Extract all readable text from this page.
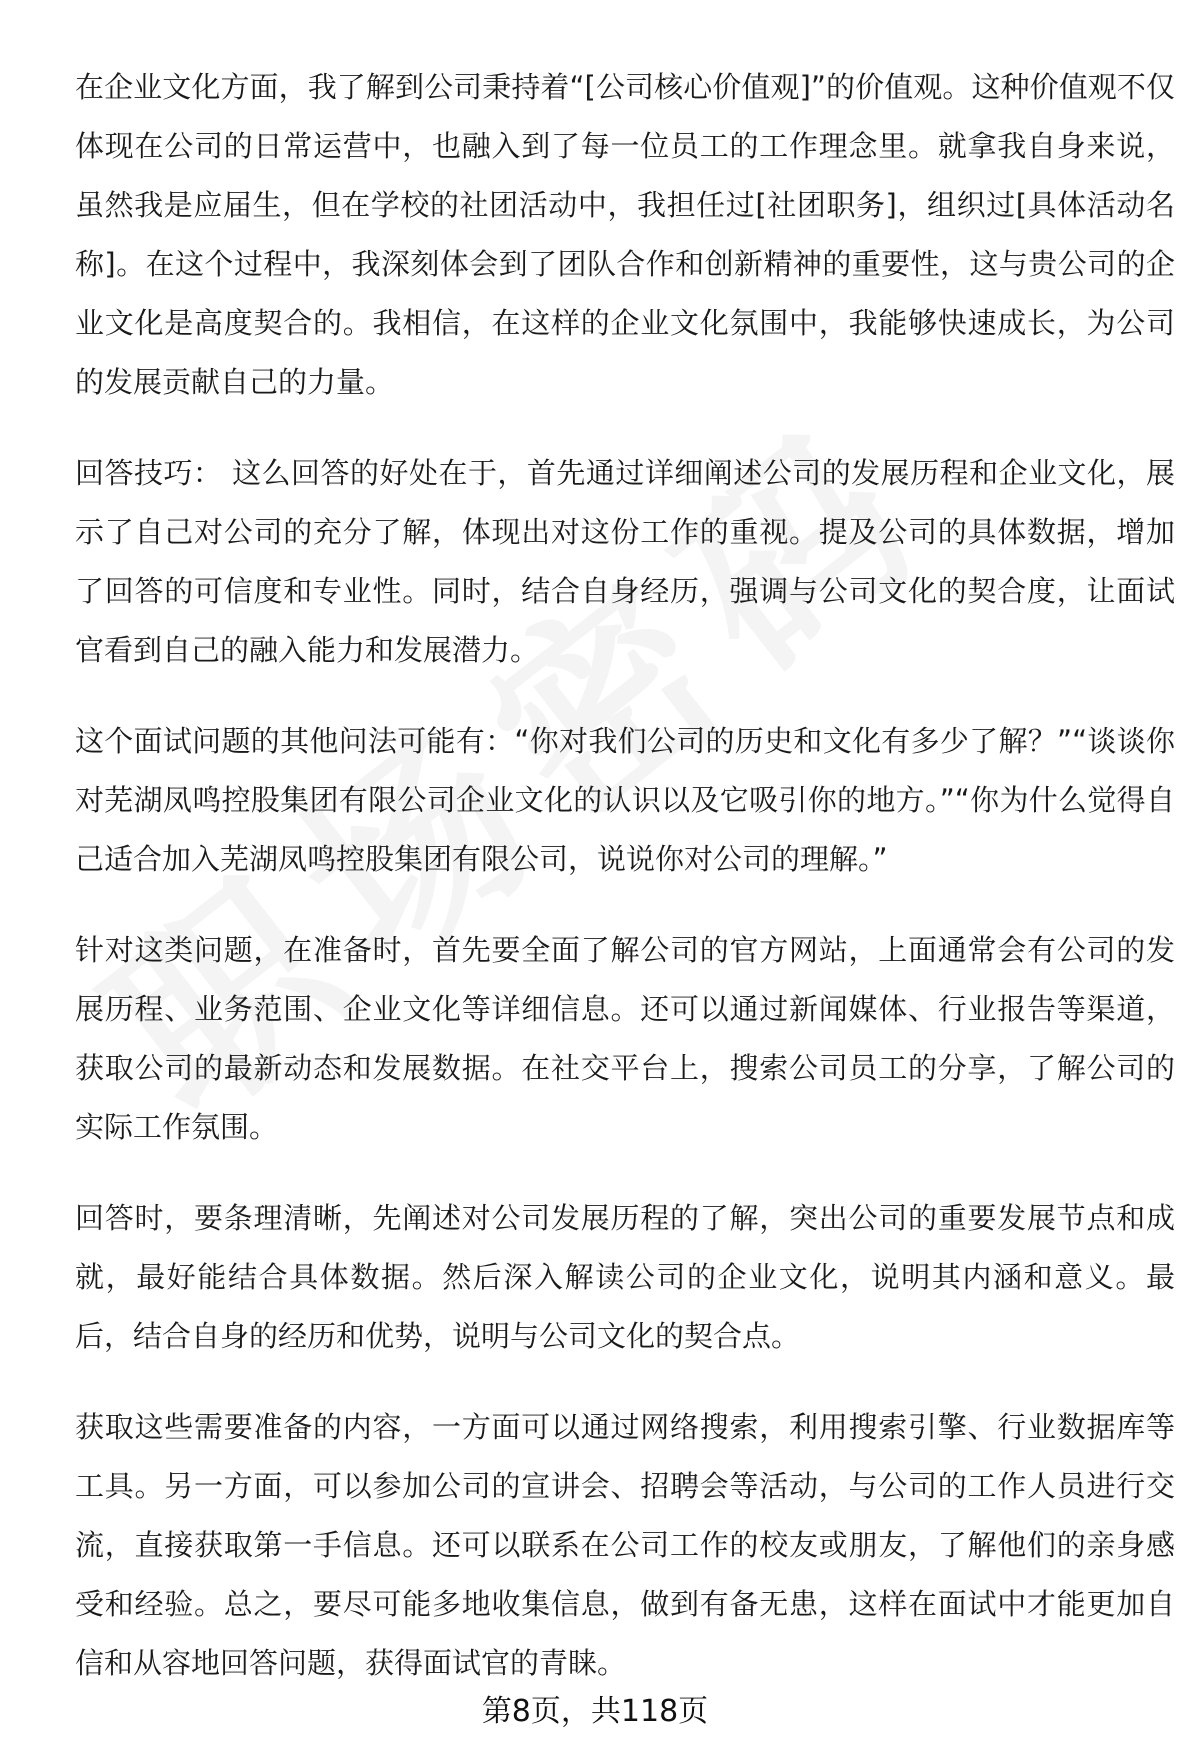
在企业文化方面，我了解到公司秉持着“[公司核心价值观]”的价值观。这种价值观不仅体现在公司的日常运营中，也融入到了每一位员工的工作理念里。就拿我自身来说，虽然我是应届生，但在学校的社团活动中，我担任过[社团职务]，组织过[具体活动名称]。在这个过程中，我深刻体会到了团队合作和创新精神的重要性，这与贵公司的企业文化是高度契合的。我相信，在这样的企业文化氛围中，我能够快速成长，为公司的发展贡献自己的力量。

回答技巧： 这么回答的好处在于，首先通过详细阐述公司的发展历程和企业文化，展示了自己对公司的充分了解，体现出对这份工作的重视。提及公司的具体数据，增加了回答的可信度和专业性。同时，结合自身经历，强调与公司文化的契合度，让面试官看到自己的融入能力和发展潜力。

这个面试问题的其他问法可能有：“你对我们公司的历史和文化有多少了解？”“谈谈你对芜湖凤鸣控股集团有限公司企业文化的认识以及它吸引你的地方。”“你为什么觉得自己适合加入芜湖凤鸣控股集团有限公司，说说你对公司的理解。”

针对这类问题，在准备时，首先要全面了解公司的官方网站，上面通常会有公司的发展历程、业务范围、企业文化等详细信息。还可以通过新闻媒体、行业报告等渠道，获取公司的最新动态和发展数据。在社交平台上，搜索公司员工的分享，了解公司的实际工作氛围。

回答时，要条理清晰，先阐述对公司发展历程的了解，突出公司的重要发展节点和成就，最好能结合具体数据。然后深入解读公司的企业文化，说明其内涵和意义。最后，结合自身的经历和优势，说明与公司文化的契合点。

获取这些需要准备的内容，一方面可以通过网络搜索，利用搜索引擎、行业数据库等工具。另一方面，可以参加公司的宣讲会、招聘会等活动，与公司的工作人员进行交流，直接获取第一手信息。还可以联系在公司工作的校友或朋友，了解他们的亲身感受和经验。总之，要尽可能多地收集信息，做到有备无患，这样在面试中才能更加自信和从容地回答问题，获得面试官的青睐。

第8页，共118页
